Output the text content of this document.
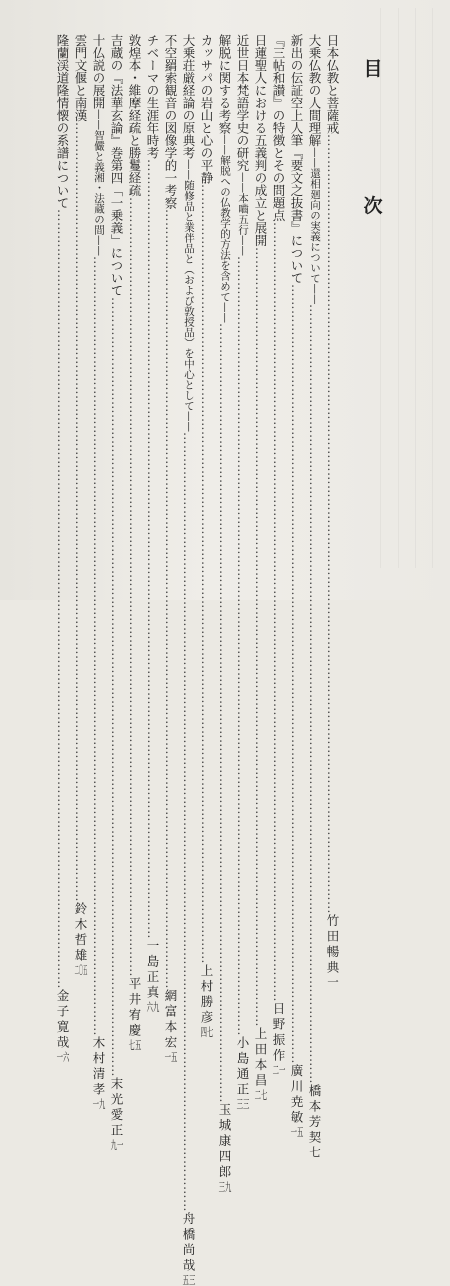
目
次
日本仏教と菩薩戒
………………………………………………………………………………………………………………………………………………………………
竹田暢典
一
大乗仏教の人間理解
——還相廻向の実義について——
………………………………………………………………………………………………………………………………………………………………
橋本芳契
七
新出の伝証空上人筆『要文之抜書』について
………………………………………………………………………………………………………………………………………………………………
廣川尭敏
一五
『三帖和讃』の特徴とその問題点
………………………………………………………………………………………………………………………………………………………………
日野振作
二一
日蓮聖人における五義判の成立と展開
………………………………………………………………………………………………………………………………………………………………
上田本昌
二七
近世日本梵語学史の研究
——本嚙五行——
………………………………………………………………………………………………………………………………………………………………
小島通正
三三
解脱に関する考察
——解脱への仏教学的方法を含めて——
………………………………………………………………………………………………………………………………………………………………
玉城康四郎
三九
カッサパの岩山と心の平静
………………………………………………………………………………………………………………………………………………………………
上村勝彦
四七
大乗荘厳経論の原典考
——随修品と業伴品と（および敦授品）を中心として——
………………………………………………………………………………………………………………………………………………………………
舟橋尚哉
五三
不空羂索観音の図像学的一考察
………………………………………………………………………………………………………………………………………………………………
網富本宏
一五
チベーマの生涯年時考
………………………………………………………………………………………………………………………………………………………………
一島正真
六九
敦煌本・維摩経疏と勝鬘経疏
………………………………………………………………………………………………………………………………………………………………
平井宥慶
七五
吉蔵の『法華玄論』巻第四「一乗義」について
………………………………………………………………………………………………………………………………………………………………
末光愛正
九一
十仏説の展開
——智儼と義湘・法蔵の間——
………………………………………………………………………………………………………………………………………………………………
木村清孝
一九
雲門文偃と南漢
………………………………………………………………………………………………………………………………………………………………
鈴木哲雄
二〇五
隆蘭渓道隆情懐の系譜について
………………………………………………………………………………………………………………………………………………………………
金子寛哉
一六
